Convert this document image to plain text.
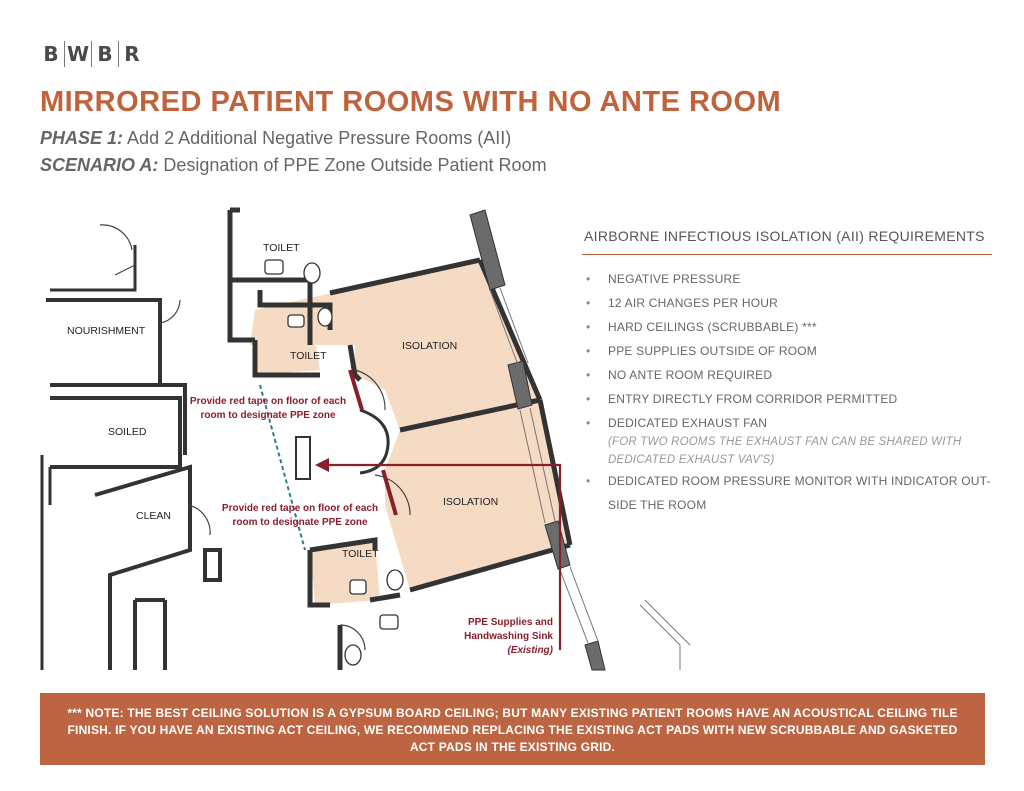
B W B R
MIRRORED PATIENT ROOMS WITH NO ANTE ROOM
PHASE 1: Add 2 Additional Negative Pressure Rooms (AII)
SCENARIO A: Designation of PPE Zone Outside Patient Room
NOURISHMENT
SOILED
CLEAN
TOILET
TOILET
TOILET
ISOLATION
ISOLATION
Provide red tape on floor of each
room to designate PPE zone
Provide red tape on floor of each
room to designate PPE zone
PPE Supplies and
Handwashing Sink
(Existing)
AIRBORNE INFECTIOUS ISOLATION (AII) REQUIREMENTS
• NEGATIVE PRESSURE
• 12 AIR CHANGES PER HOUR
• HARD CEILINGS (SCRUBBABLE) ***
• PPE SUPPLIES OUTSIDE OF ROOM
• NO ANTE ROOM REQUIRED
• ENTRY DIRECTLY FROM CORRIDOR PERMITTED
• DEDICATED EXHAUST FAN
(FOR TWO ROOMS THE EXHAUST FAN CAN BE SHARED WITH DEDICATED EXHAUST VAV'S)
• DEDICATED ROOM PRESSURE MONITOR WITH INDICATOR OUT-
SIDE THE ROOM
*** NOTE: THE BEST CEILING SOLUTION IS A GYPSUM BOARD CEILING; BUT MANY EXISTING PATIENT ROOMS HAVE AN ACOUSTICAL CEILING TILE FINISH. IF YOU HAVE AN EXISTING ACT CEILING, WE RECOMMEND REPLACING THE EXISTING ACT PADS WITH NEW SCRUBBABLE AND GASKETED ACT PADS IN THE EXISTING GRID.
